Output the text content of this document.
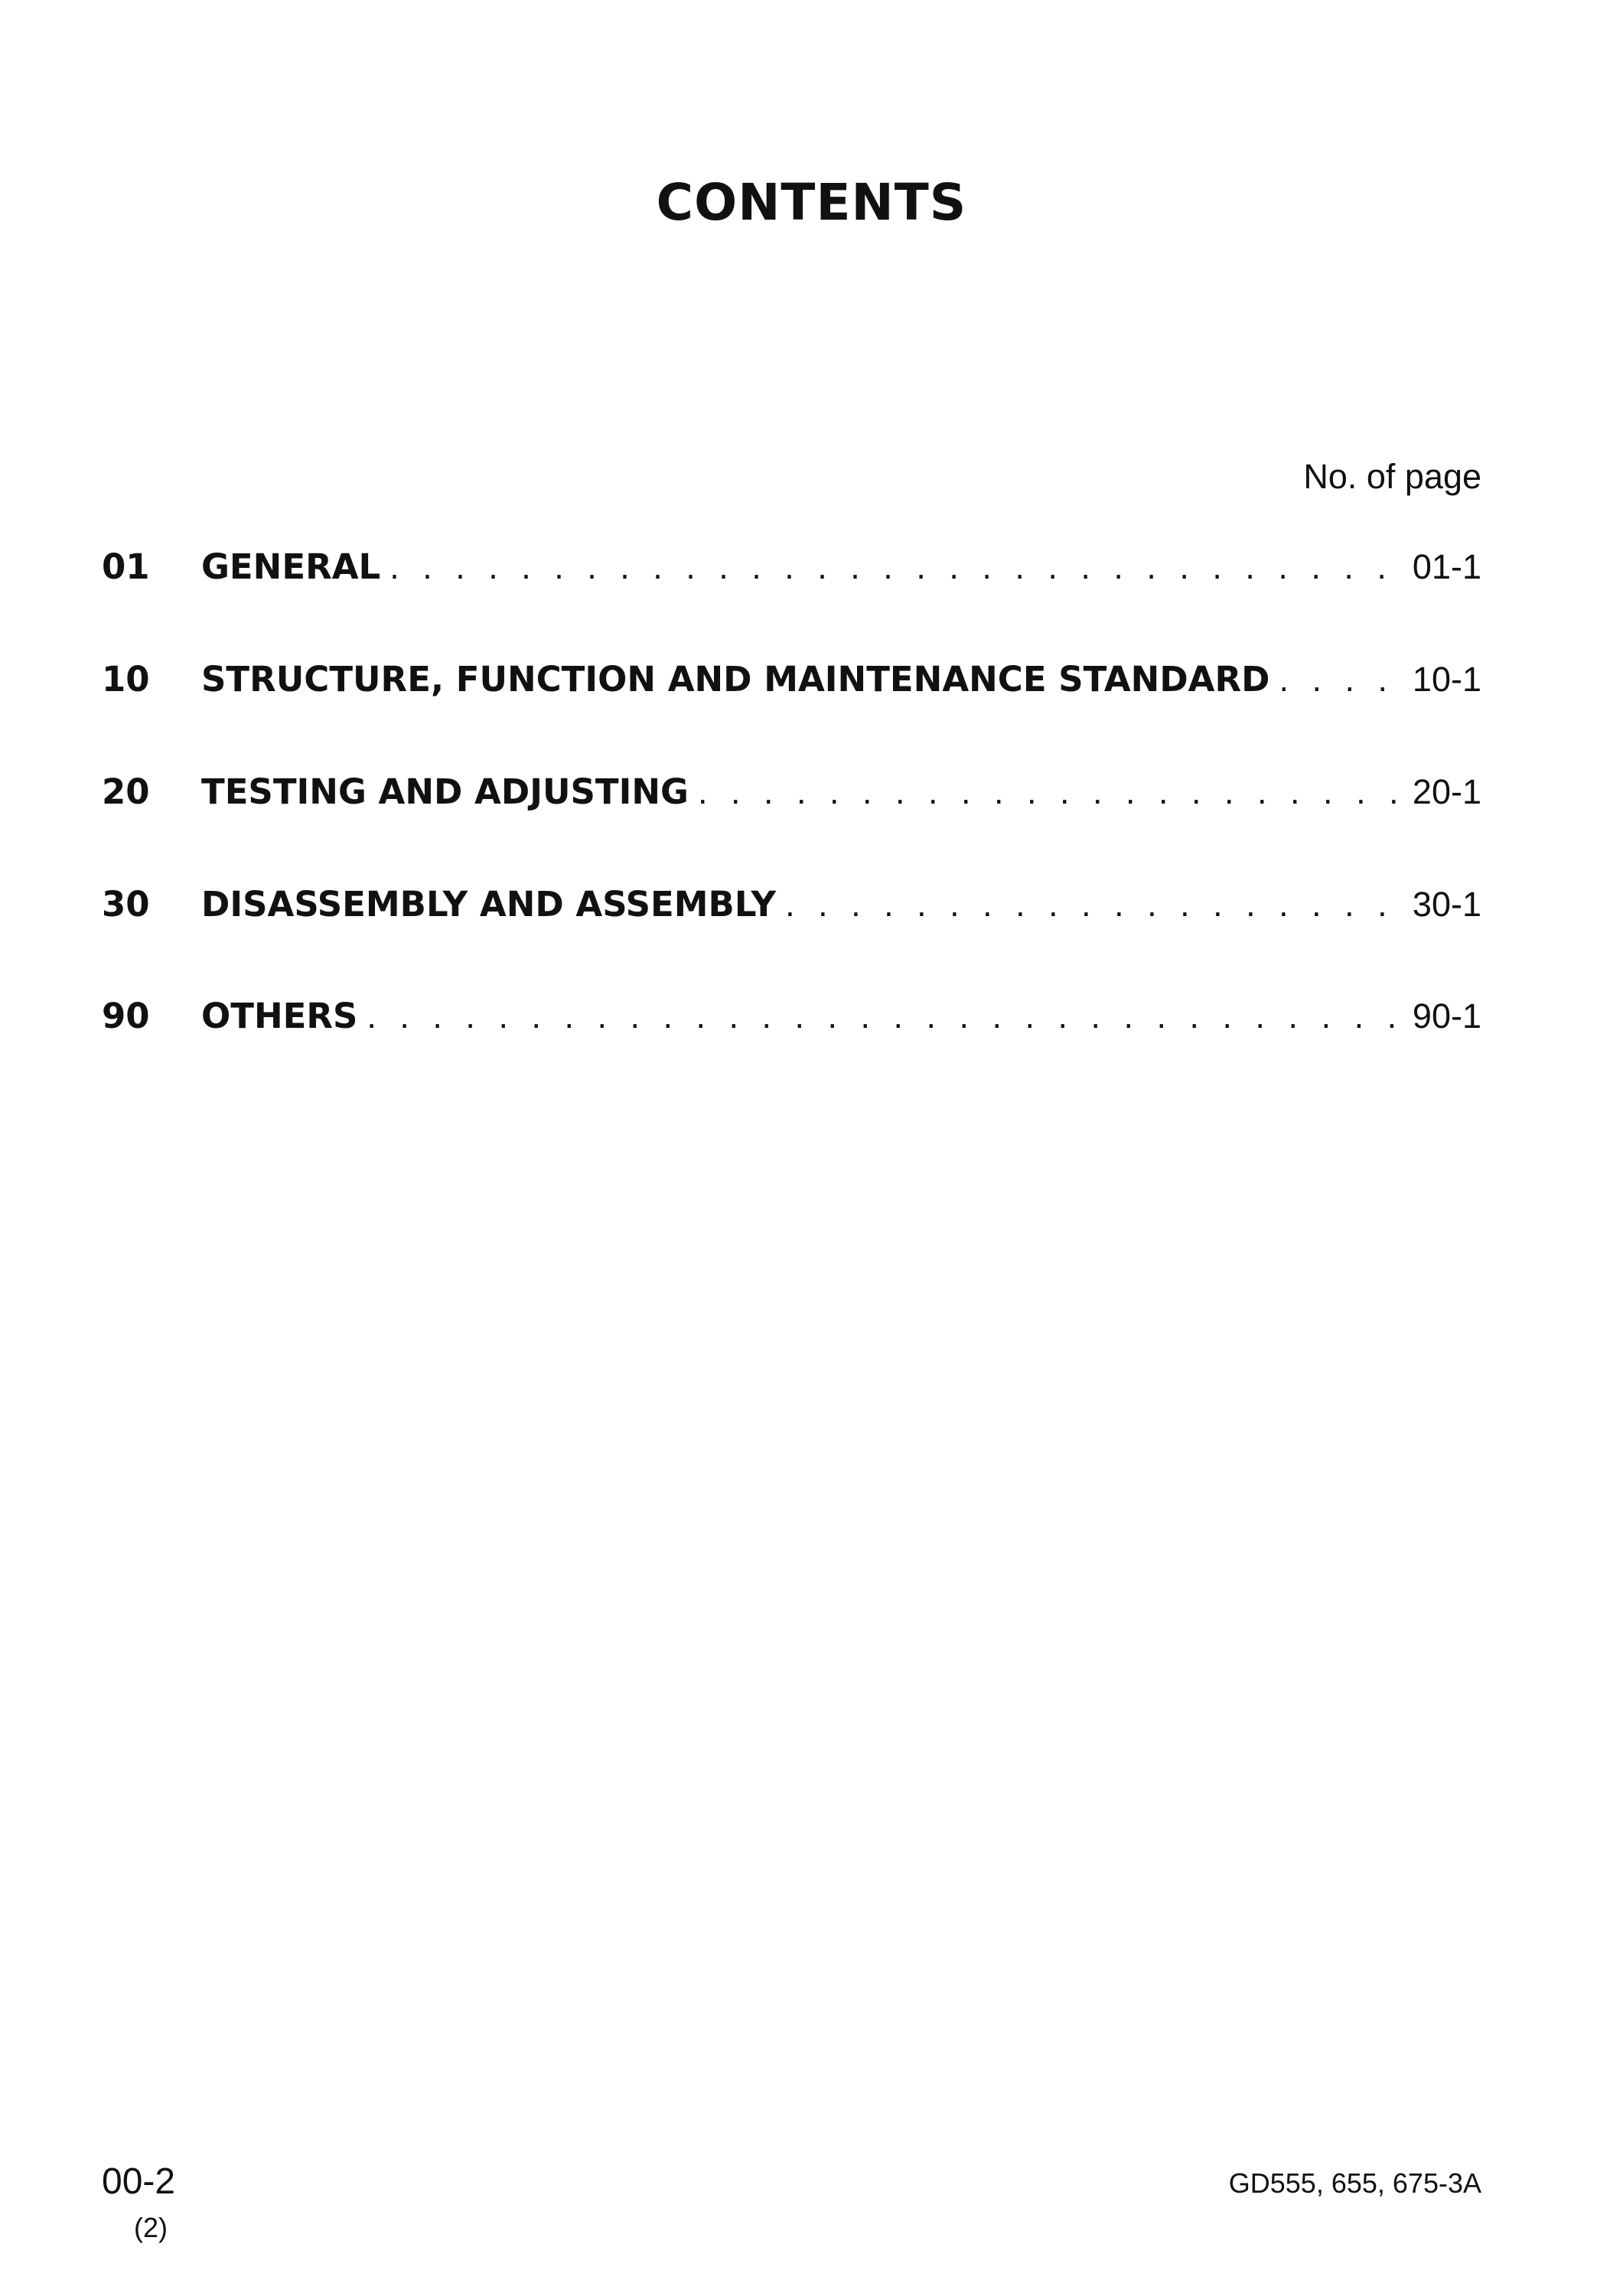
CONTENTS
No. of page
01	GENERAL . . .	01-1
10	STRUCTURE, FUNCTION AND MAINTENANCE STANDARD . . .	10-1
20	TESTING AND ADJUSTING . . .	20-1
30	DISASSEMBLY AND ASSEMBLY . . .	30-1
90	OTHERS . . .	90-1
00-2
(2)
GD555, 655, 675-3A
